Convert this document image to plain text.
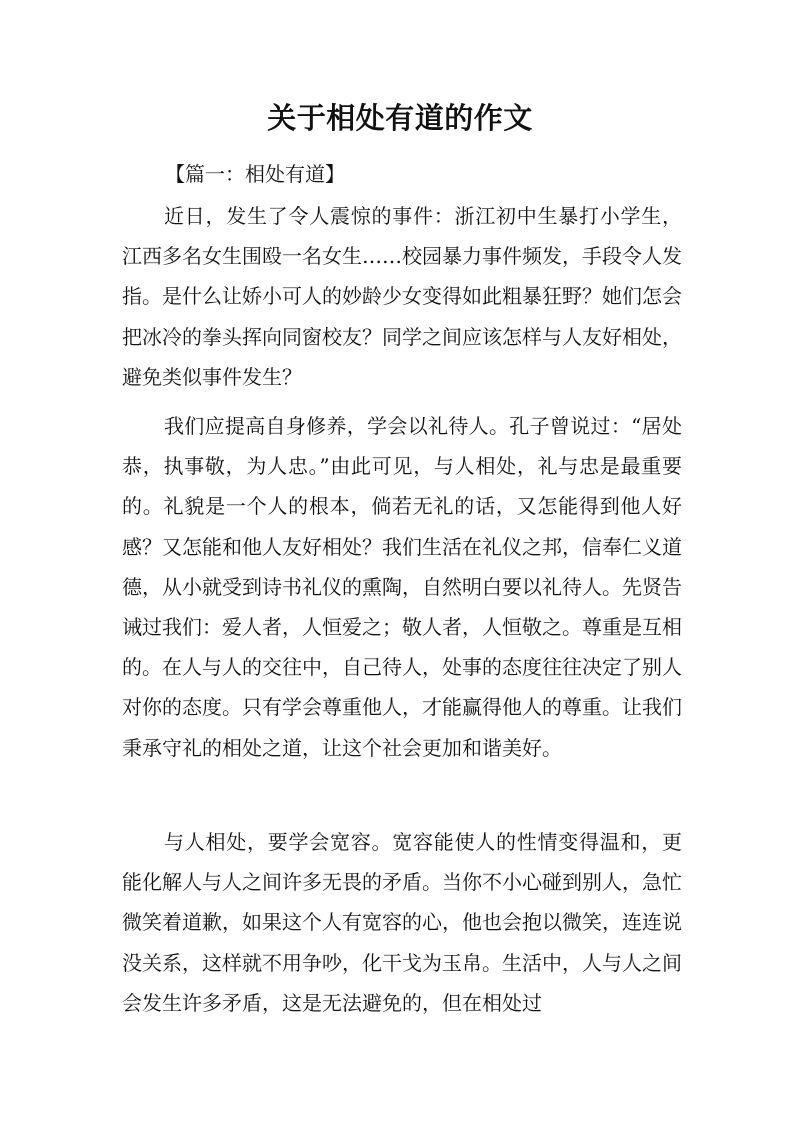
关于相处有道的作文
【篇一：相处有道】

近日，发生了令人震惊的事件：浙江初中生暴打小学生，江西多名女生围殴一名女生……校园暴力事件频发，手段令人发指。是什么让娇小可人的妙龄少女变得如此粗暴狂野？她们怎会把冰冷的拳头挥向同窗校友？同学之间应该怎样与人友好相处，避免类似事件发生？

我们应提高自身修养，学会以礼待人。孔子曾说过：“居处恭，执事敬，为人忠。”由此可见，与人相处，礼与忠是最重要的。礼貌是一个人的根本，倘若无礼的话，又怎能得到他人好感？又怎能和他人友好相处？我们生活在礼仪之邦，信奉仁义道德，从小就受到诗书礼仪的熏陶，自然明白要以礼待人。先贤告诫过我们：爱人者，人恒爱之；敬人者，人恒敬之。尊重是互相的。在人与人的交往中，自己待人，处事的态度往往决定了别人对你的态度。只有学会尊重他人，才能赢得他人的尊重。让我们秉承守礼的相处之道，让这个社会更加和谐美好。

与人相处，要学会宽容。宽容能使人的性情变得温和，更能化解人与人之间许多无畏的矛盾。当你不小心碰到别人，急忙微笑着道歉，如果这个人有宽容的心，他也会抱以微笑，连连说没关系，这样就不用争吵，化干戈为玉帛。生活中，人与人之间会发生许多矛盾，这是无法避免的，但在相处过
